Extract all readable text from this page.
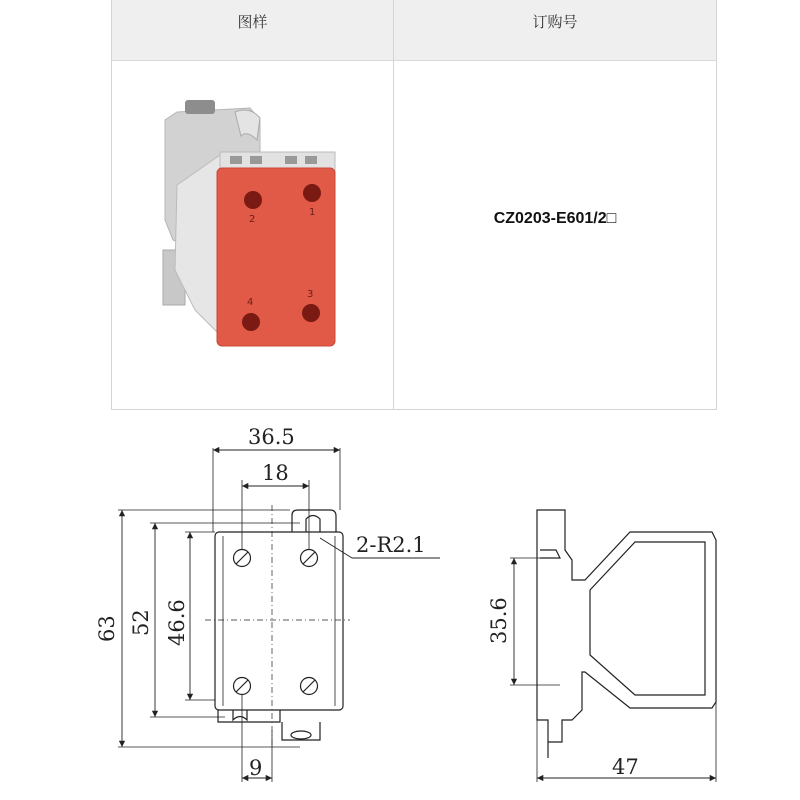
图样	订购号
CZ0203-E601/2□
2
1
4
3
36.5
18
2-R2.1
63 52 46.6
9
35.6
47
